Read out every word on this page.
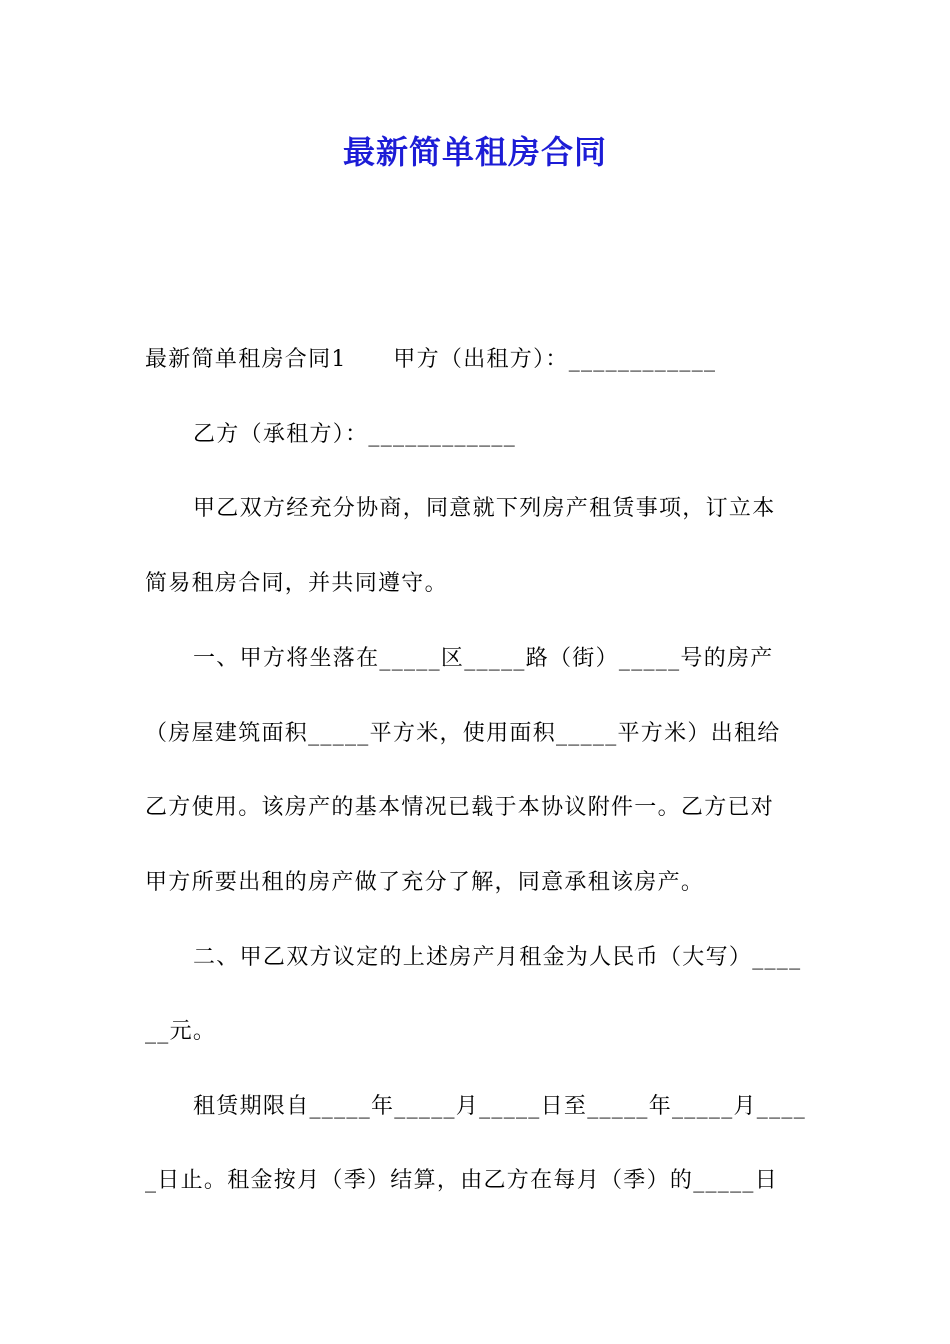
最新简单租房合同
最新简单租房合同1　　甲方（出租方）：____________
乙方（承租方）：____________
甲乙双方经充分协商，同意就下列房产租赁事项，订立本
简易租房合同，并共同遵守。
一、甲方将坐落在_____区_____路（街）_____号的房产
（房屋建筑面积_____平方米，使用面积_____平方米）出租给
乙方使用。该房产的基本情况已载于本协议附件一。乙方已对
甲方所要出租的房产做了充分了解，同意承租该房产。
二、甲乙双方议定的上述房产月租金为人民币（大写）____
__元。
租赁期限自_____年_____月_____日至_____年_____月____
_日止。租金按月（季）结算，由乙方在每月（季）的_____日
